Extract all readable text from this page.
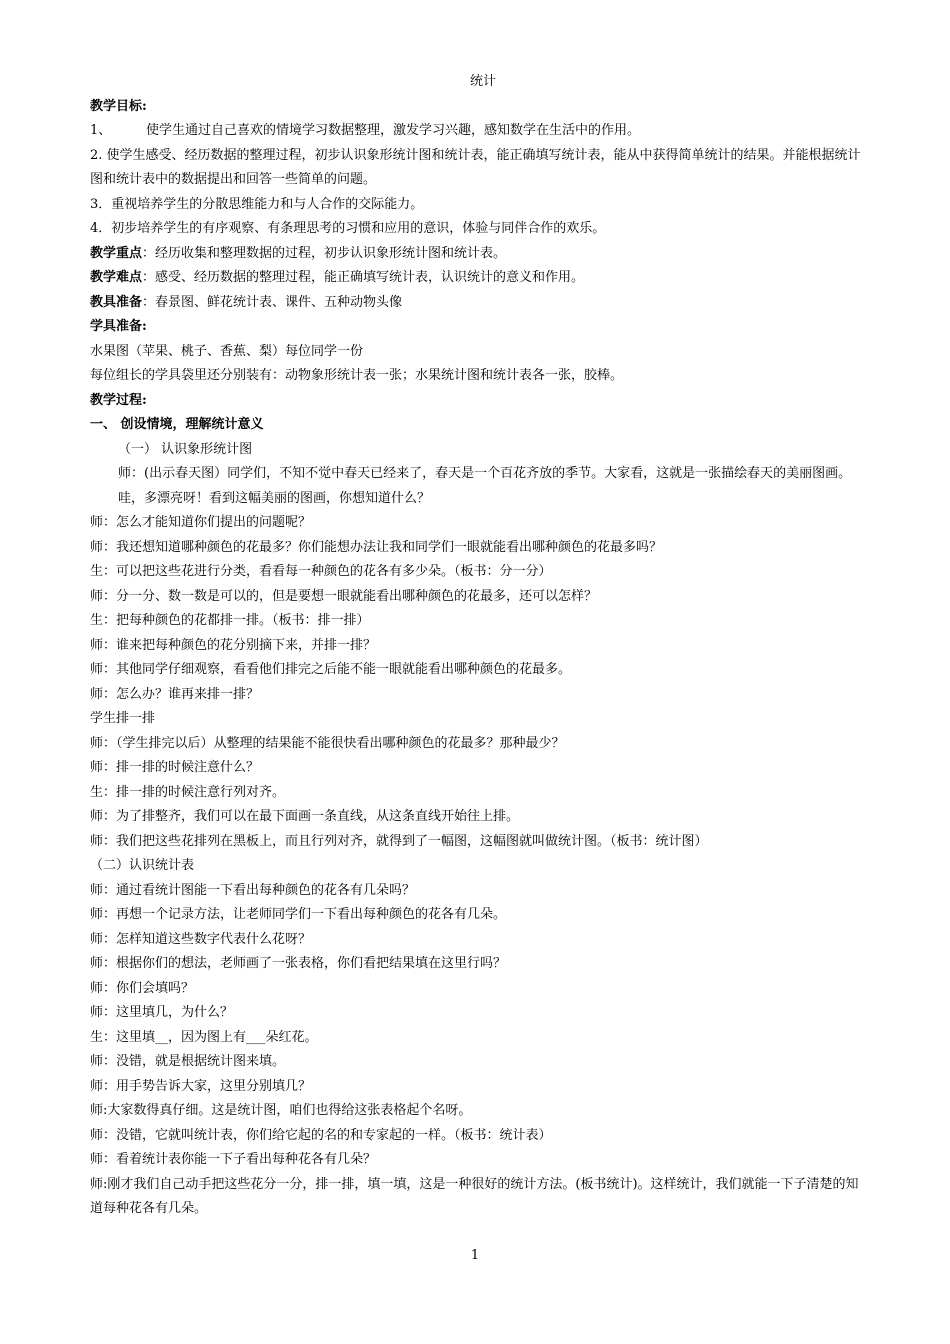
统计

教学目标:

1、	使学生通过自己喜欢的情境学习数据整理，激发学习兴趣，感知数学在生活中的作用。

2. 使学生感受、经历数据的整理过程，初步认识象形统计图和统计表，能正确填写统计表，能从中获得简单统计的结果。并能根据统计图和统计表中的数据提出和回答一些简单的问题。

3．重视培养学生的分散思维能力和与人合作的交际能力。

4．初步培养学生的有序观察、有条理思考的习惯和应用的意识，体验与同伴合作的欢乐。

教学重点：经历收集和整理数据的过程，初步认识象形统计图和统计表。

教学难点：感受、经历数据的整理过程，能正确填写统计表，认识统计的意义和作用。

教具准备：春景图、鲜花统计表、课件、五种动物头像

学具准备:

水果图（苹果、桃子、香蕉、梨）每位同学一份

每位组长的学具袋里还分别装有：动物象形统计表一张；水果统计图和统计表各一张，胶棒。

教学过程:

一、 创设情境，理解统计意义

（一） 认识象形统计图

师：(出示春天图）同学们，不知不觉中春天已经来了，春天是一个百花齐放的季节。大家看，这就是一张描绘春天的美丽图画。哇，多漂亮呀！看到这幅美丽的图画，你想知道什么？

师：怎么才能知道你们提出的问题呢？

师：我还想知道哪种颜色的花最多？你们能想办法让我和同学们一眼就能看出哪种颜色的花最多吗？

生：可以把这些花进行分类，看看每一种颜色的花各有多少朵。（板书：分一分）

师：分一分、数一数是可以的，但是要想一眼就能看出哪种颜色的花最多，还可以怎样？

生：把每种颜色的花都排一排。（板书：排一排）

师：谁来把每种颜色的花分别摘下来，并排一排？

师：其他同学仔细观察，看看他们排完之后能不能一眼就能看出哪种颜色的花最多。

师：怎么办？谁再来排一排？

学生排一排

师：（学生排完以后）从整理的结果能不能很快看出哪种颜色的花最多？那种最少？

师：排一排的时候注意什么？

生：排一排的时候注意行列对齐。

师：为了排整齐，我们可以在最下面画一条直线，从这条直线开始往上排。

师：我们把这些花排列在黑板上，而且行列对齐，就得到了一幅图，这幅图就叫做统计图。（板书：统计图）

（二）认识统计表

师：通过看统计图能一下看出每种颜色的花各有几朵吗？

师：再想一个记录方法，让老师同学们一下看出每种颜色的花各有几朵。

师：怎样知道这些数字代表什么花呀？

师：根据你们的想法，老师画了一张表格，你们看把结果填在这里行吗？

师：你们会填吗？

师：这里填几，为什么？

生：这里填__，因为图上有___朵红花。

师：没错，就是根据统计图来填。

师：用手势告诉大家，这里分别填几？

师:大家数得真仔细。这是统计图，咱们也得给这张表格起个名呀。

师：没错，它就叫统计表，你们给它起的名的和专家起的一样。（板书：统计表）

师：看着统计表你能一下子看出每种花各有几朵？

师:刚才我们自己动手把这些花分一分，排一排，填一填，这是一种很好的统计方法。(板书统计)。这样统计，我们就能一下子清楚的知道每种花各有几朵。

1
